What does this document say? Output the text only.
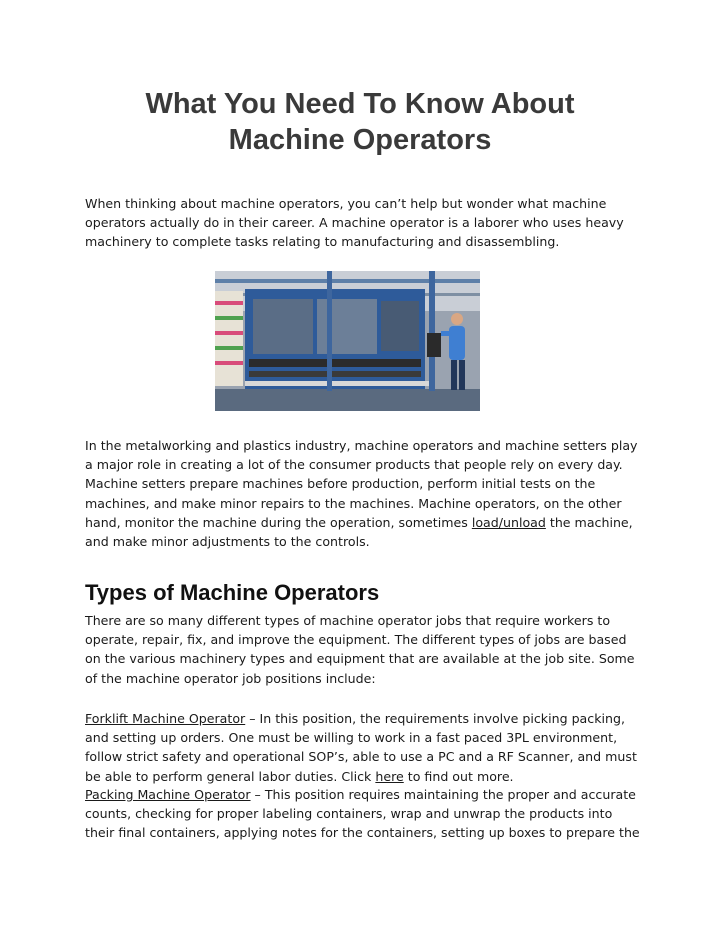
What You Need To Know About
Machine Operators

When thinking about machine operators, you can’t help but wonder what machine operators actually do in their career. A machine operator is a laborer who uses heavy machinery to complete tasks relating to manufacturing and disassembling.

In the metalworking and plastics industry, machine operators and machine setters play a major role in creating a lot of the consumer products that people rely on every day. Machine setters prepare machines before production, perform initial tests on the machines, and make minor repairs to the machines. Machine operators, on the other hand, monitor the machine during the operation, sometimes load/unload the machine, and make minor adjustments to the controls.

Types of Machine Operators

There are so many different types of machine operator jobs that require workers to operate, repair, fix, and improve the equipment. The different types of jobs are based on the various machinery types and equipment that are available at the job site. Some of the machine operator job positions include:

Forklift Machine Operator – In this position, the requirements involve picking packing, and setting up orders. One must be willing to work in a fast paced 3PL environment, follow strict safety and operational SOP’s, able to use a PC and a RF Scanner, and must be able to perform general labor duties. Click here to find out more.

Packing Machine Operator – This position requires maintaining the proper and accurate counts, checking for proper labeling containers, wrap and unwrap the products into their final containers, applying notes for the containers, setting up boxes to prepare the
